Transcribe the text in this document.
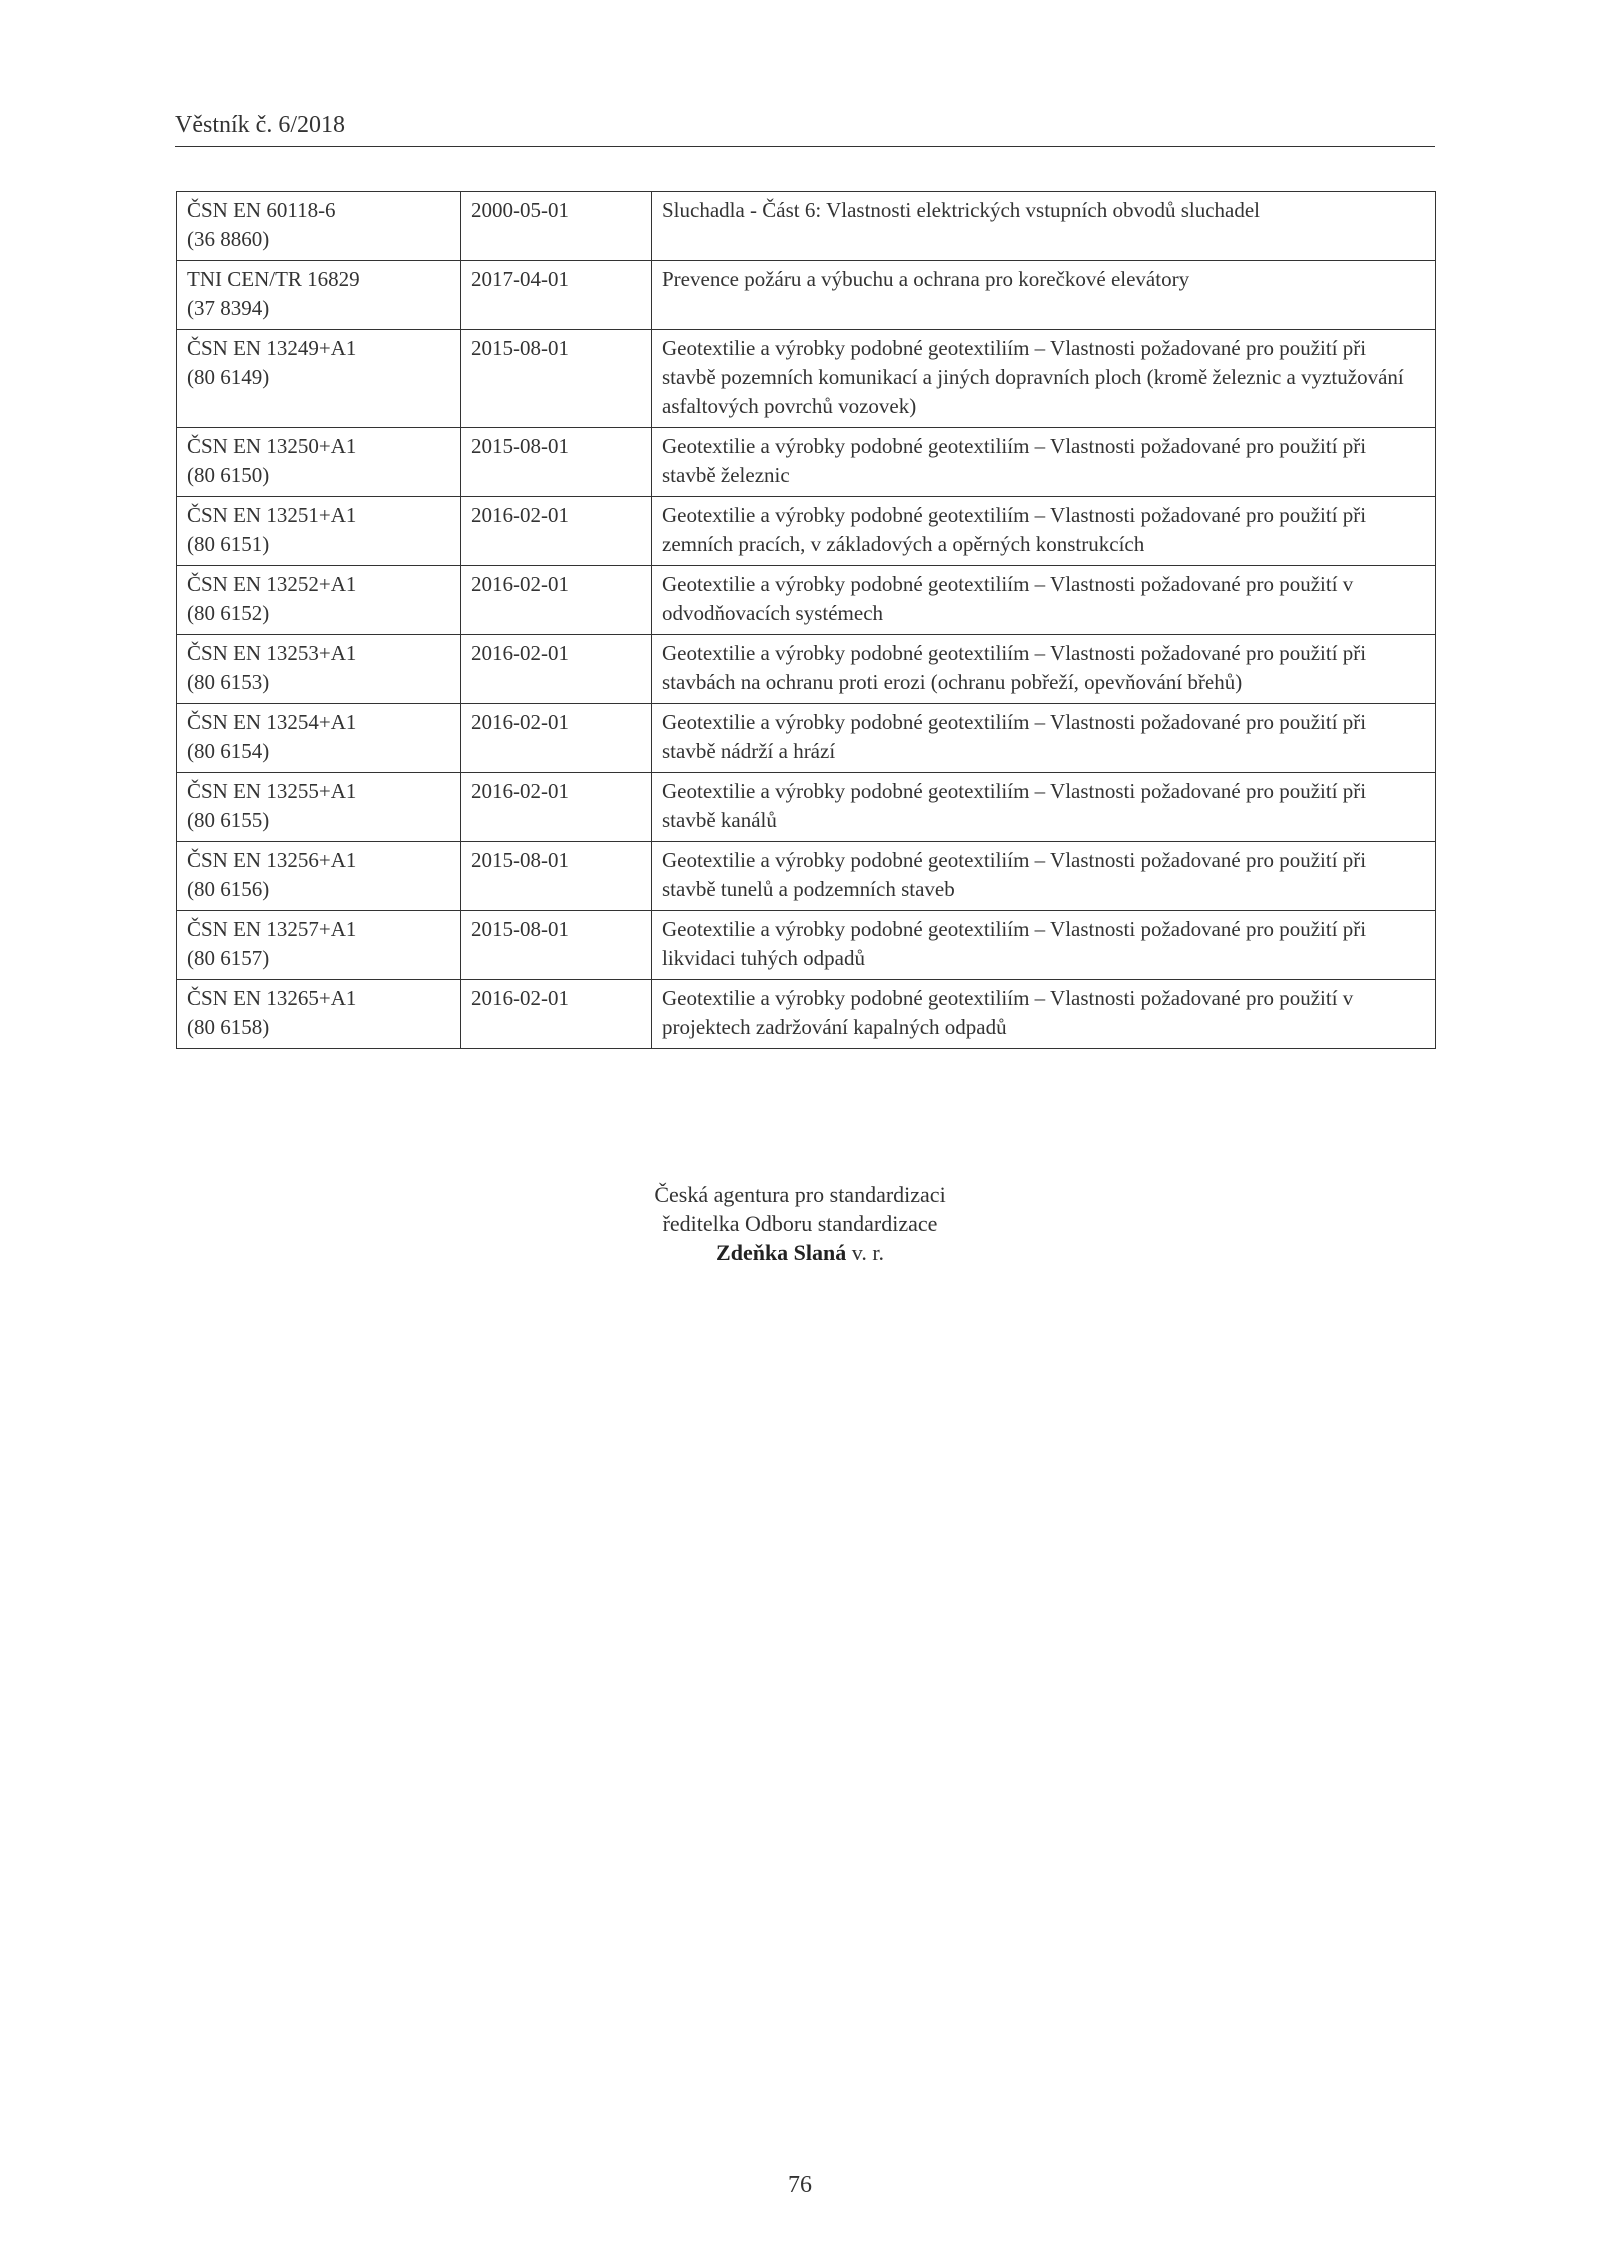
Věstník č. 6/2018
ČSN EN 60118-6
(36 8860)	2000-05-01	Sluchadla - Část 6: Vlastnosti elektrických vstupních obvodů sluchadel

TNI CEN/TR 16829
(37 8394)	2017-04-01	Prevence požáru a výbuchu a ochrana pro korečkové elevátory

ČSN EN 13249+A1
(80 6149)	2015-08-01	Geotextilie a výrobky podobné geotextiliím – Vlastnosti požadované pro použití při stavbě pozemních komunikací a jiných dopravních ploch (kromě železnic a vyztužování asfaltových povrchů vozovek)

ČSN EN 13250+A1
(80 6150)	2015-08-01	Geotextilie a výrobky podobné geotextiliím – Vlastnosti požadované pro použití při stavbě železnic

ČSN EN 13251+A1
(80 6151)	2016-02-01	Geotextilie a výrobky podobné geotextiliím – Vlastnosti požadované pro použití při zemních pracích, v základových a opěrných konstrukcích

ČSN EN 13252+A1
(80 6152)	2016-02-01	Geotextilie a výrobky podobné geotextiliím – Vlastnosti požadované pro použití v odvodňovacích systémech

ČSN EN 13253+A1
(80 6153)	2016-02-01	Geotextilie a výrobky podobné geotextiliím – Vlastnosti požadované pro použití při stavbách na ochranu proti erozi (ochranu pobřeží, opevňování břehů)

ČSN EN 13254+A1
(80 6154)	2016-02-01	Geotextilie a výrobky podobné geotextiliím – Vlastnosti požadované pro použití při stavbě nádrží a hrází

ČSN EN 13255+A1
(80 6155)	2016-02-01	Geotextilie a výrobky podobné geotextiliím – Vlastnosti požadované pro použití při stavbě kanálů

ČSN EN 13256+A1
(80 6156)	2015-08-01	Geotextilie a výrobky podobné geotextiliím – Vlastnosti požadované pro použití při stavbě tunelů a podzemních staveb

ČSN EN 13257+A1
(80 6157)	2015-08-01	Geotextilie a výrobky podobné geotextiliím – Vlastnosti požadované pro použití při likvidaci tuhých odpadů

ČSN EN 13265+A1
(80 6158)	2016-02-01	Geotextilie a výrobky podobné geotextiliím – Vlastnosti požadované pro použití v projektech zadržování kapalných odpadů
Česká agentura pro standardizaci
ředitelka Odboru standardizace
Zdeňka Slaná v. r.
76
